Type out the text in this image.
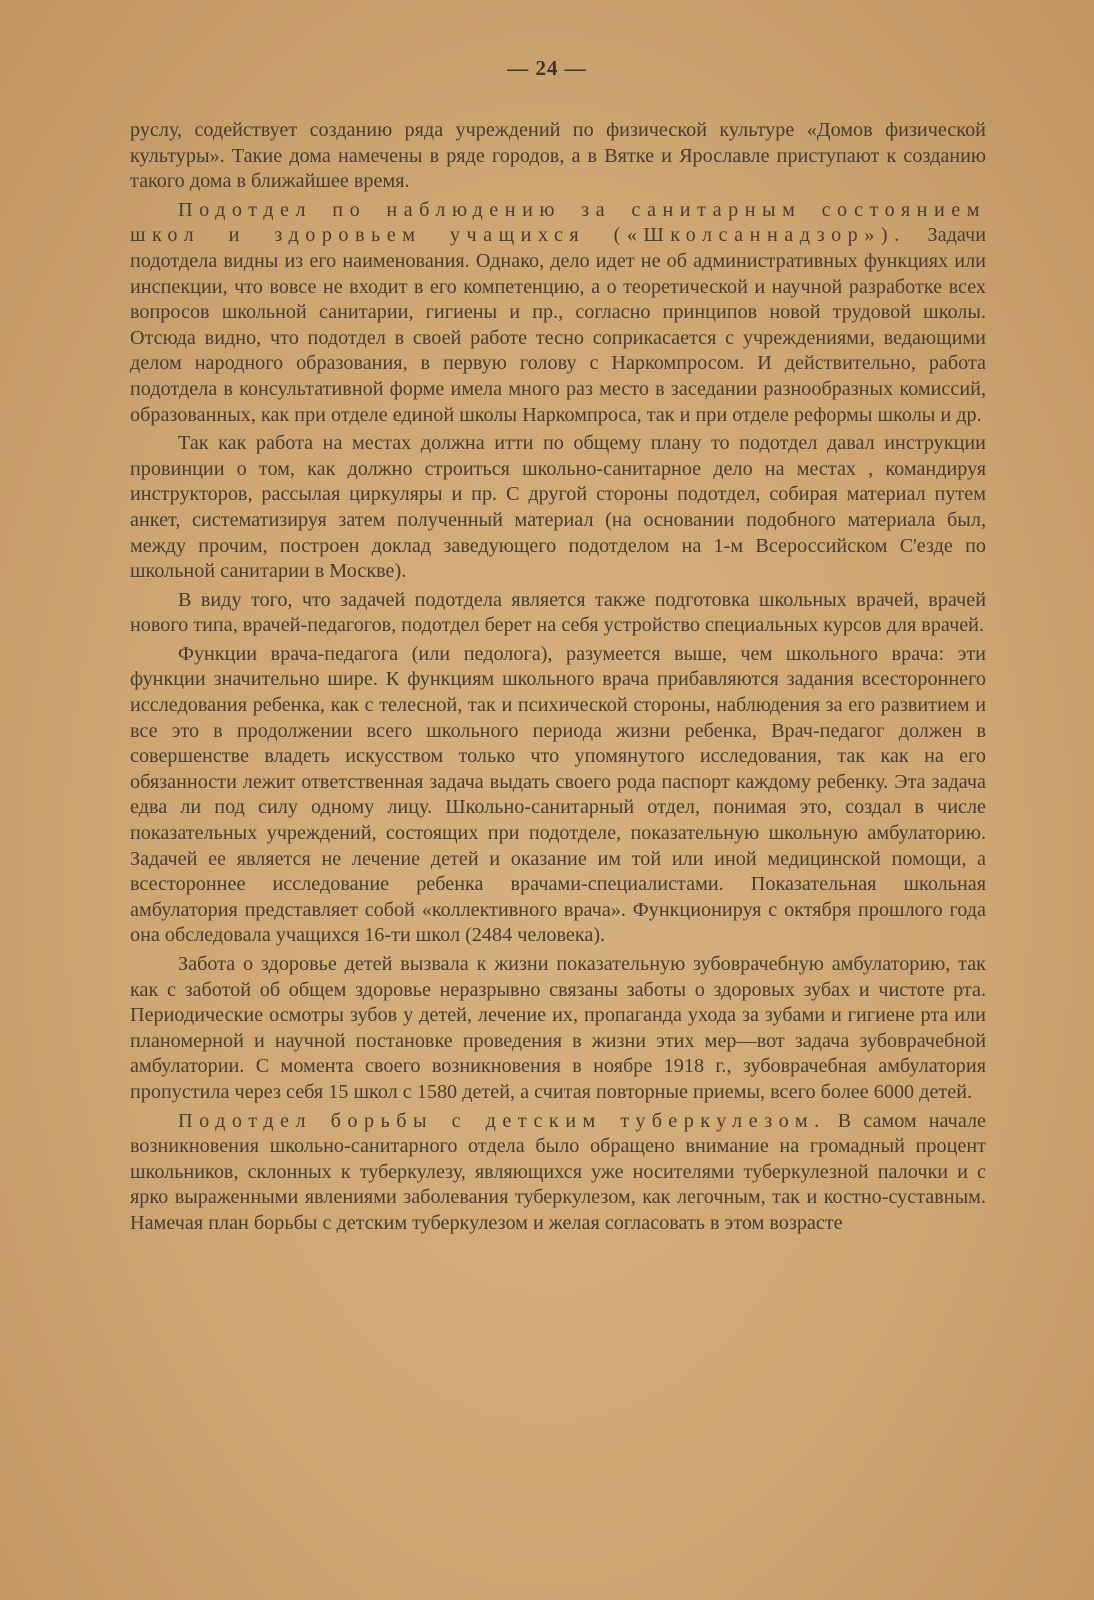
— 24 —

руслу, содействует созданию ряда учреждений по физической культуре «Домов физической культуры». Такие дома намечены в ряде городов, а в Вятке и Ярославле приступают к созданию такого дома в ближайшее время.

Подотдел по наблюдению за санитарным состоянием школ и здоровьем учащихся («Школсаннадзор»). Задачи подотдела видны из его наименования. Однако, дело идет не об административных функциях или инспекции, что вовсе не входит в его компетенцию, а о теоретической и научной разработке всех вопросов школьной санитарии, гигиены и пр., согласно принципов новой трудовой школы. Отсюда видно, что подотдел в своей работе тесно соприкасается с учреждениями, ведающими делом народного образования, в первую голову с Наркомпросом. И действительно, работа подотдела в консультативной форме имела много раз место в заседании разнообразных комиссий, образованных, как при отделе единой школы Наркомпроса, так и при отделе реформы школы и др.

Так как работа на местах должна итти по общему плану то подотдел давал инструкции провинции о том, как должно строиться школьно-санитарное дело на местах , командируя инструкторов, рассылая циркуляры и пр. С другой стороны подотдел, собирая материал путем анкет, систематизируя затем полученный материал (на основании подобного материала был, между прочим, построен доклад заведующего подотделом на 1-м Всероссийском С'езде по школьной санитарии в Москве).

В виду того, что задачей подотдела является также подготовка школьных врачей, врачей нового типа, врачей-педагогов, подотдел берет на себя устройство специальных курсов для врачей.

Функции врача-педагога (или педолога), разумеется выше, чем школьного врача: эти функции значительно шире. К функциям школьного врача прибавляются задания всестороннего исследования ребенка, как с телесной, так и психической стороны, наблюдения за его развитием и все это в продолжении всего школьного периода жизни ребенка, Врач-педагог должен в совершенстве владеть искусством только что упомянутого исследования, так как на его обязанности лежит ответственная задача выдать своего рода паспорт каждому ребенку. Эта задача едва ли под силу одному лицу. Школьно-санитарный отдел, понимая это, создал в числе показательных учреждений, состоящих при подотделе, показательную школьную амбулаторию. Задачей ее является не лечение детей и оказание им той или иной медицинской помощи, а всестороннее исследование ребенка врачами-специалистами. Показательная школьная амбулатория представляет собой «коллективного врача». Функционируя с октября прошлого года она обследовала учащихся 16-ти школ (2484 человека).

Забота о здоровье детей вызвала к жизни показательную зубоврачебную амбулаторию, так как с заботой об общем здоровье неразрывно связаны заботы о здоровых зубах и чистоте рта. Периодические осмотры зубов у детей, лечение их, пропаганда ухода за зубами и гигиене рта или планомерной и научной постановке проведения в жизни этих мер—вот задача зубоврачебной амбулатории. С момента своего возникновения в ноябре 1918 г., зубоврачебная амбулатория пропустила через себя 15 школ с 1580 детей, а считая повторные приемы, всего более 6000 детей.

Подотдел борьбы с детским туберкулезом. В самом начале возникновения школьно-санитарного отдела было обращено внимание на громадный процент школьников, склонных к туберкулезу, являющихся уже носителями туберкулезной палочки и с ярко выраженными явлениями заболевания туберкулезом, как легочным, так и костно-суставным. Намечая план борьбы с детским туберкулезом и желая согласовать в этом возрасте
